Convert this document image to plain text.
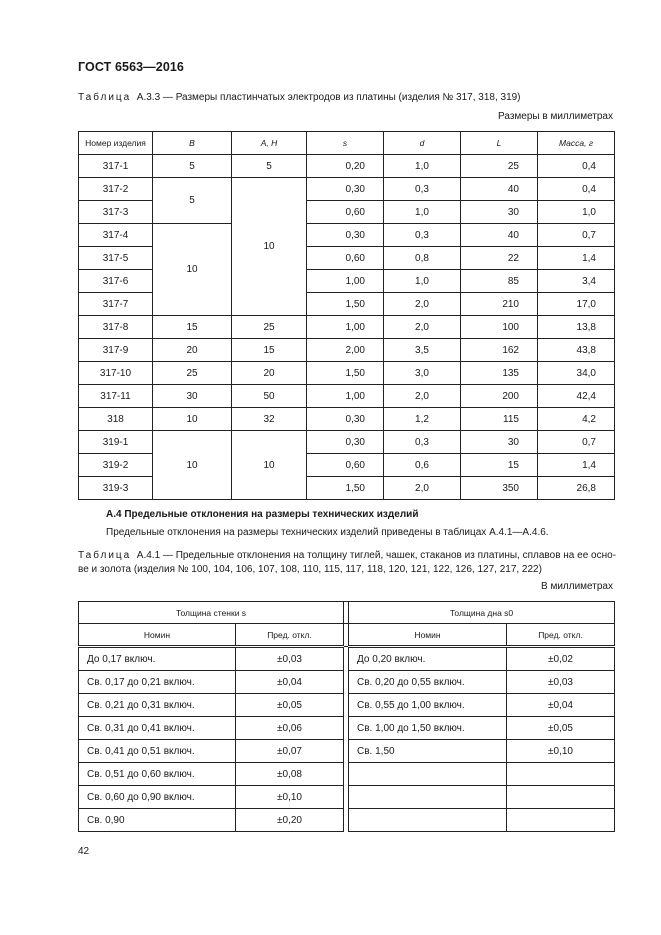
ГОСТ 6563—2016
Таблица А.3.3 — Размеры пластинчатых электродов из платины (изделия № 317, 318, 319)
Размеры в миллиметрах
Номер изделия	B	A, H	s	d	L	Масса, г
317-1	5	5	0,20	1,0	25	0,4
317-2	5	10	0,30	0,3	40	0,4
317-3			0,60	1,0	30	1,0
317-4	10		0,30	0,3	40	0,7
317-5			0,60	0,8	22	1,4
317-6			1,00	1,0	85	3,4
317-7			1,50	2,0	210	17,0
317-8	15	25	1,00	2,0	100	13,8
317-9	20	15	2,00	3,5	162	43,8
317-10	25	20	1,50	3,0	135	34,0
317-11	30	50	1,00	2,0	200	42,4
318	10	32	0,30	1,2	115	4,2
319-1	10	10	0,30	0,3	30	0,7
319-2			0,60	0,6	15	1,4
319-3			1,50	2,0	350	26,8
А.4 Предельные отклонения на размеры технических изделий
Предельные отклонения на размеры технических изделий приведены в таблицах А.4.1—А.4.6.
Таблица А.4.1 — Предельные отклонения на толщину тиглей, чашек, стаканов из платины, сплавов на ее осно-ве и золота (изделия № 100, 104, 106, 107, 108, 110, 115, 117, 118, 120, 121, 122, 126, 127, 217, 222)
В миллиметрах
Толщина стенки s			Толщина дна s0	
Номин	Пред. откл.		Номин	Пред. откл.
До 0,17 включ.	±0,03		До 0,20 включ.	±0,02
Св. 0,17 до 0,21 включ.	±0,04		Св. 0,20 до 0,55 включ.	±0,03
Св. 0,21 до 0,31 включ.	±0,05		Св. 0,55 до 1,00 включ.	±0,04
Св. 0,31 до 0,41 включ.	±0,06		Св. 1,00 до 1,50 включ.	±0,05
Св. 0,41 до 0,51 включ.	±0,07		Св. 1,50	±0,10
Св. 0,51 до 0,60 включ.	±0,08			
Св. 0,60 до 0,90 включ.	±0,10			
Св. 0,90	±0,20			
42
